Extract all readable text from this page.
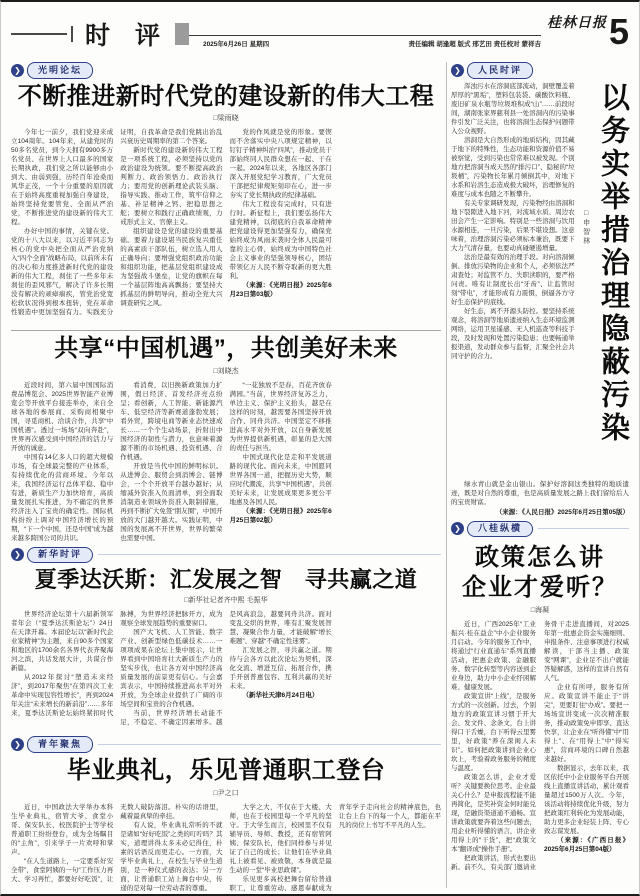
时 评	2025年6月26日 星期四	责任编辑 胡逢超 版式 邢艺田 责任校对 蒙祥吉
桂林日报 5
❯	光明论坛
不断推进新时代党的建设新的伟大工程
□梁雨晓

今年七一前夕，我们党迎来成立104周年。104年来，从建党时的50多名党员，到今天拥有9900多万名党员、在世界上人口最多的国家长期执政，我们党之所以能够由小到大、由弱到强，历经百年沧桑而风华正茂，一个十分重要的原因就在于始终高度重视加强自身建设，始终坚持党要管党、全面从严治党，不断推进党的建设新的伟大工程。

办好中国的事情，关键在党。党的十八大以来，以习近平同志为核心的党中央把全面从严治党纳入“四个全面”战略布局，以前所未有的决心和力度推进新时代党的建设新的伟大工程，刹住了一些多年未刹住的歪风邪气，解决了许多长期没有解决的顽瘴痼疾，管党治党宽松软状况得到根本扭转，党在革命性锻造中更加坚强有力。实践充分证明，自我革命是我们党跳出治乱兴衰历史周期率的第二个答案。

新时代党的建设新的伟大工程是一项系统工程，必须坚持以党的政治建设为统领。要不断提高政治判断力、政治领悟力、政治执行力；要用党的创新理论武装头脑、指导实践、推动工作，筑牢信仰之基、补足精神之钙、把稳思想之舵；要树立和践行正确政绩观，力戒形式主义、官僚主义。

组织建设是党的建设的重要基础。要着力建设堪当民族复兴重任的高素质干部队伍，树立选人用人正确导向；要增强党组织政治功能和组织功能，把基层党组织建设成为坚强战斗堡垒，让党的旗帜在每一个基层阵地高高飘扬；要坚持大抓基层的鲜明导向，推动全党大兴调查研究之风。

党的作风就是党的形象。要锲而不舍落实中央八项规定精神，以钉钉子精神纠治“四风”，推动党员干部始终同人民群众想在一起、干在一起。2024年以来，各地区各部门深入开展党纪学习教育，广大党员干部把纪律规矩刻印在心，进一步夯实了党长期执政的纪律基础。

伟大工程没有完成时，只有进行时。新征程上，我们要弘扬伟大建党精神，以彻底的自我革命精神把党建设得更加坚强有力，确保党始终成为风雨来袭时全体人民最可靠的主心骨，始终成为中国特色社会主义事业的坚强领导核心，团结带领亿万人民不断夺取新的更大胜利。

（来源：《光明日报》2025年6月23日第03版）

共享“中国机遇”，共创美好未来
□刘晓杰

近段时间，第六届中国国际消费品博览会、2025世界智能产业博览会等开放平台接连举办，来自全球各地的参展商、采购商相聚中国，寻觅商机、洽谈合作，共享“中国机遇”。透过一场场“双向奔赴”，世界再次感受到中国经济的活力与开放的诚意。

中国有14亿多人口的超大规模市场，有全球最完整的产业体系，有持续优化的营商环境。今年以来，我国经济运行总体平稳、稳中有进，新质生产力加快培育，高质量发展扎实推进，为不确定的世界经济注入了宝贵的确定性。国际机构纷纷上调对中国经济增长的预期，“下一个中国，还是中国”成为越来越多跨国公司的共识。

看消费，以旧换新政策加力扩围，假日经济、首发经济亮点纷呈；看创新，人工智能、新能源汽车、低空经济等新赛道蓬勃发展；看外贸，跨境电商等新业态快速成长……一个个生动场景，折射出中国经济的韧性与潜力，也意味着源源不断的市场机遇、投资机遇、合作机遇。

开放是当代中国的鲜明标识。从进博会、服贸会到消博会、链博会，一个个开放平台越办越好；从缩减外资准入负面清单，到全面取消制造业领域外资准入限制措施，再到不断扩大免签“朋友圈”，中国开放的大门越开越大。实践证明，中国的发展离不开世界，世界的繁荣也需要中国。

“一花独放不是春，百花齐放春满园。”当前，世界经济复苏乏力，单边主义、保护主义抬头，越是在这样的时刻，越需要各国坚持开放合作、同舟共济。中国坚定不移推进高水平对外开放，以自身新发展为世界提供新机遇，彰显的是大国的责任与担当。

中国式现代化是走和平发展道路的现代化。面向未来，中国愿同世界各国一道，把握历史大势，顺应时代潮流，共享“中国机遇”，共创美好未来，让发展成果更多更公平地惠及各国人民。

（来源：《光明日报》2025年6月25日第02版）

❯	新华时评
夏季达沃斯：汇发展之智　寻共赢之道
□新华社记者齐中熙 毛振华

世界经济论坛第十六届新领军者年会（“夏季达沃斯论坛”）24日在天津开幕。本届论坛以“新时代企业家精神”为主题，来自90多个国家和地区的1700余名各界代表齐聚海河之滨，共话发展大计，共谋合作新篇。

从2012年探讨“塑造未来经济”，到2017年聚焦“在第四次工业革命中实现包容性增长”，再到2024年关注“未来增长的新前沿”……多年来，夏季达沃斯论坛始终紧扣时代脉搏，为世界经济把脉开方，成为观察全球发展趋势的重要窗口。

国产大飞机、人工智能、数字产业、创新型绿色低碳技术……一项项成果在论坛上集中展示，让世界看到中国培育壮大新质生产力的坚实步伐，也让各方对中国经济高质量发展的前景更有信心。与会嘉宾表示，中国持续推进高水平对外开放，为全球企业提供了广阔的市场空间和宝贵的合作机遇。

当前，世界经济增长动能不足，不稳定、不确定因素增多。越是风高浪急，越要同舟共济。面对变乱交织的世界，唯有汇聚发展智慧、凝聚合作力量，才能破解“增长难题”、穿越“不确定性迷雾”。

汇发展之智，寻共赢之道。期待与会各方以此次论坛为契机，深化交流、增进互信、拓展合作，携手开创普惠包容、互利共赢的美好未来。

（新华社天津6月24日电）

❯	青年聚焦
毕业典礼，乐见普通职工登台
□尹之口

近日，中国政法大学举办本科生毕业典礼，宿管大爷、食堂小哥、保安队长、校医院护士等学校普通职工纷纷登台，成为全场瞩目的“主角”，引来学子一片欢呼和掌声。

“在人生道路上，一定要系好安全带”，食堂阿姨的一句“工作压力再大、学习再忙，都要好好吃饭”，让无数人破防落泪。朴实的话语里，藏着最真挚的牵挂。

有人说，毕业典礼常听的不就是诸如“好好吃饭”之类的叮咛吗？其实，道理讲得太多未必记得住，朴素的话语反而更走心。一方面，大学毕业典礼上，在校生与毕业生道别，是一种仪式感的表达；另一方面，让普通职工站上舞台中央，传递的是对每一位劳动者的尊重。

大学之大，不仅在于大楼、大师，也在于校园里每一个平凡的坚守。于大学生而言，校园里不仅有辅导员、导师、教授，还有宿管阿姨、保安队长，他们同样参与并见证了自己的成长；让他们在毕业典礼上被看见、被致敬，本身就是最生动的一堂“毕业思政课”。

乐见更多高校把舞台留给普通职工，让尊重劳动、感恩奉献成为青年学子走向社会的精神底色，也让台上台下的每一个人，都能在平凡的岗位上书写不平凡的人生。

❯	人民时评

浑浊污水在溶洞底部流动，洞壁覆盖着厚厚的“黑垢”，塑料包装袋、碳酸饮料瓶、废旧矿泉水瓶等垃圾堆积成“山”……前段时间，湖南张家界慈利县一处溶洞内的污染事件引发广泛关注，也将溶洞生态保护问题带入公众视野。

溶洞是大自然形成的地质结构，因其藏于地下的特殊性，生态功能和资源价值不易被察觉，受到污染也常常难以被发现。个别地方把溶洞当成天然的“排污口”、隐秘的“垃圾桶”，污染物长年累月倾倒其中，对地下水系和岩溶生态造成极大破坏，治理修复的难度与成本也随之不断攀升。

有关专家调研发现，污染物经由溶洞和地下裂隙进入地下河，对流域水质、周边农田会产生一定影响。特别是一些溶洞与饮用水源相连，一旦污染，后果不堪设想。这意味着，治理溶洞污染必须标本兼治，既要下大力气清存量，也要动真碰硬遏增量。

法治是最有效的治理手段。对向溶洞倾倒、排放污染物的企业和个人，必须依法严肃查处；对监管不力、失职渎职的，要严格问责。唯有让制度长出“牙齿”、让监管时刻“带电”，才能形成有力震慑，倒逼各方守好生态保护的底线。

好生态，离不开源头防控。要坚持系统观念，将溶洞等地质遗迹纳入生态环境监测网络，运用卫星遥感、无人机巡查等科技手段，及时发现和处置污染隐患；也要畅通举报渠道，发动群众参与监督，汇聚全社会共同守护的合力。

□申智林 以务实举措治理隐蔽污染

绿水青山就是金山银山。保护好溶洞这类独特的地质遗迹，既是对自然的尊重，也是高质量发展之路上我们留给后人的宝贵财富。

（来源：《人民日报》2025年6月25日第05版）

❯	八桂纵横
政策怎么讲
企业才爱听？
□海凝

近日，广西2025年“工业振兴·桂在益企”中小企业服务月启动。今年的服务工作中，将通过“行业直通车”系列直播活动，把惠企政策、金融服务、数字化转型等内容送到企业身边，助力中小企业纾困解难、健康发展。

政策宣讲“上线”，是服务方式的一次创新。过去，个别地方的政策宣讲习惯于开大会、发文件、念条文，台上讲得口干舌燥，台下听得云里雾里，好政策“养在深闺人未识”。如何把政策讲到企业心坎上，考验着政务服务的精度与温度。

政策怎么讲，企业才爱听？关键要换位思考。企业最关心什么？是申报流程能不能再简化，是奖补资金何时能兑现，是融资渠道通不通畅。宣讲政策就要奔着这些问题去，用企业听得懂的语言，讲企业用得上的“干货”，把“政策文本”翻译成“操作手册”。

把政策讲活，形式也要出新。前不久，有关部门邀请业务骨干走进直播间，对2025年第一批惠企资金实施细则、申报条件、注意事项进行权威解读，干部当主播、政策变“网课”，企业足不出户就能答疑解惑，这样的宣讲自然有人气。

企业有所呼，服务有所应。政策宣讲不能止于“讲完”，更要盯住“办成”。要把一场场宣讲变成一次次精准服务，推动政策免申即享、直达快享，让企业在“听得懂”中“用得上”、在“用得上”中“得实惠”，营商环境的口碑自然越来越好。

数据显示，去年以来，我区依托中小企业服务平台开展线上直播宣讲活动，累计观看量超过1500万人次。今年，该活动将持续优化升级，努力把政策红利转化为发展动能，助力更多企业轻装上阵、专心致志谋发展。

（来源：《广西日报》2025年6月25日第04版）
